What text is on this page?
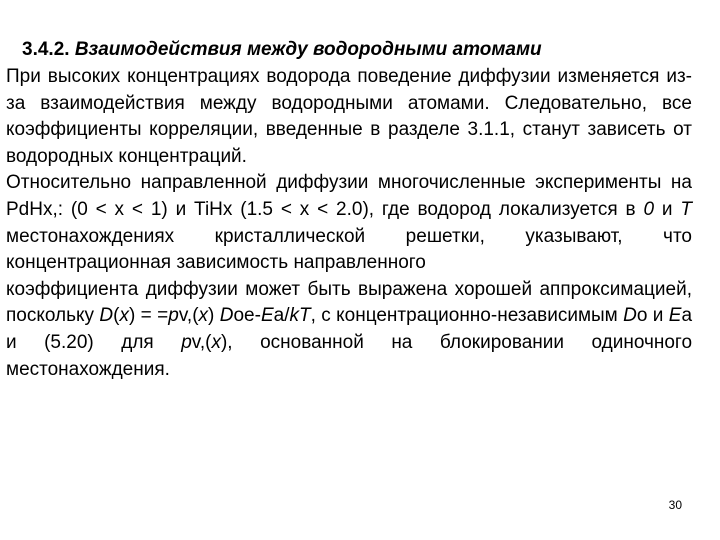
3.4.2. Взаимодействия между водородными атомами

При высоких концентрациях водорода поведение диффузии изменяется из-за взаимодействия между водородными атомами. Следовательно, все коэффициенты корреляции, введенные в разделе 3.1.1, станут зависеть от водородных концентраций.

Относительно направленной диффузии многочисленные эксперименты на PdHx,: (0 < x < 1) и TiHx (1.5 < x < 2.0), где водород локализуется в 0 и T местонахождениях кристаллической решетки, указывают, что концентрационная зависимость направленного

коэффициента диффузии может быть выражена хорошей аппроксимацией, поскольку D(x) = =pv,(x) Doe-Ea/kT, с концентрационно-независимым Do и Ea и (5.20) для pv,(x), основанной на блокировании одиночного местонахождения.

30
